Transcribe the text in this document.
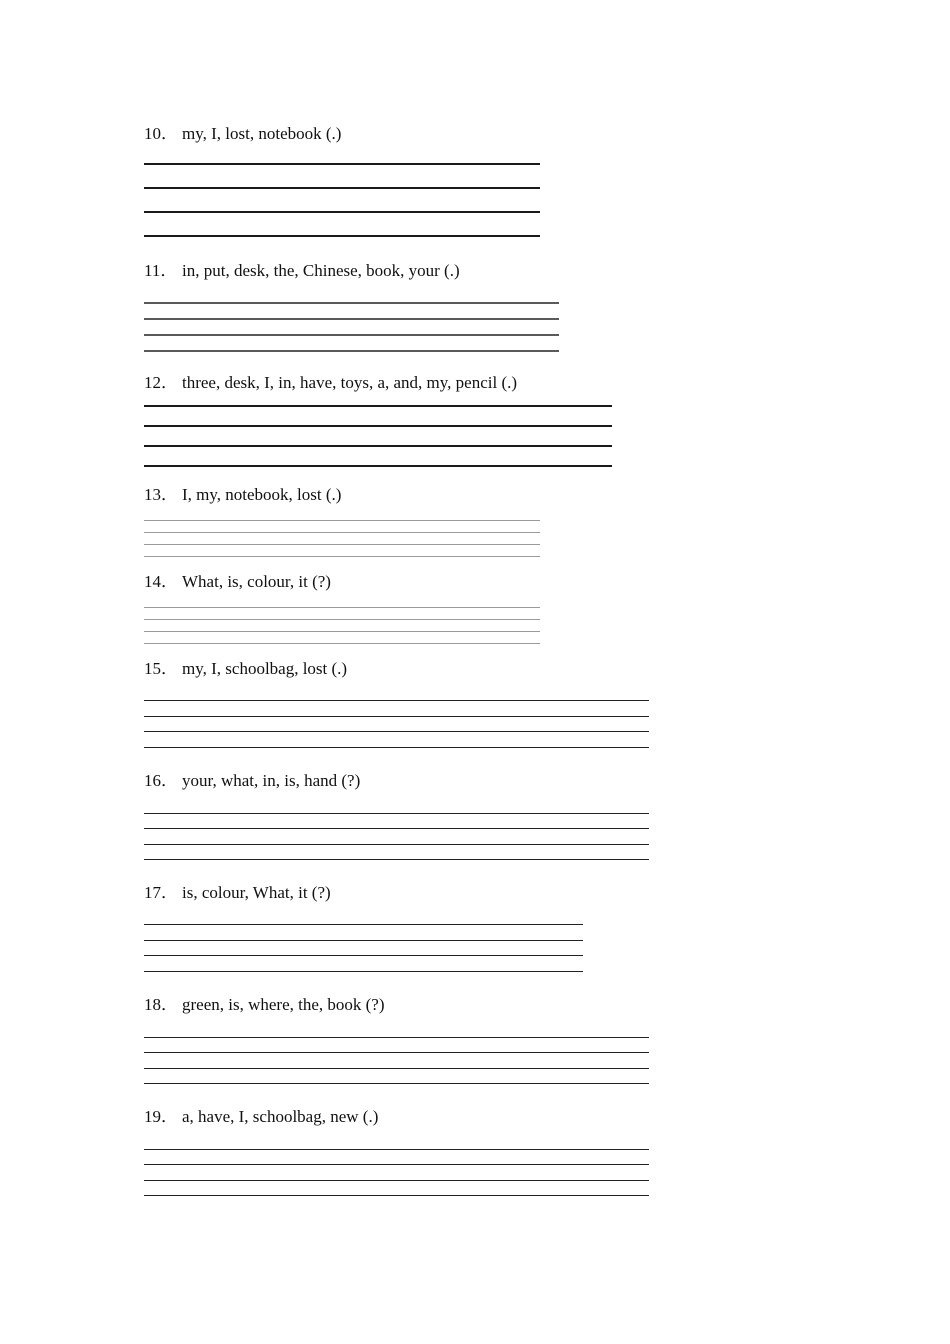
10． my, I, lost, notebook (.)
11． in, put, desk, the, Chinese, book, your (.)
12． three, desk, I, in, have, toys, a, and, my, pencil (.)
13． I, my, notebook, lost (.)
14． What, is, colour, it (?)
15． my, I, schoolbag, lost (.)
16． your, what, in, is, hand (?)
17． is, colour, What, it (?)
18． green, is, where, the, book (?)
19． a, have, I, schoolbag, new (.)
